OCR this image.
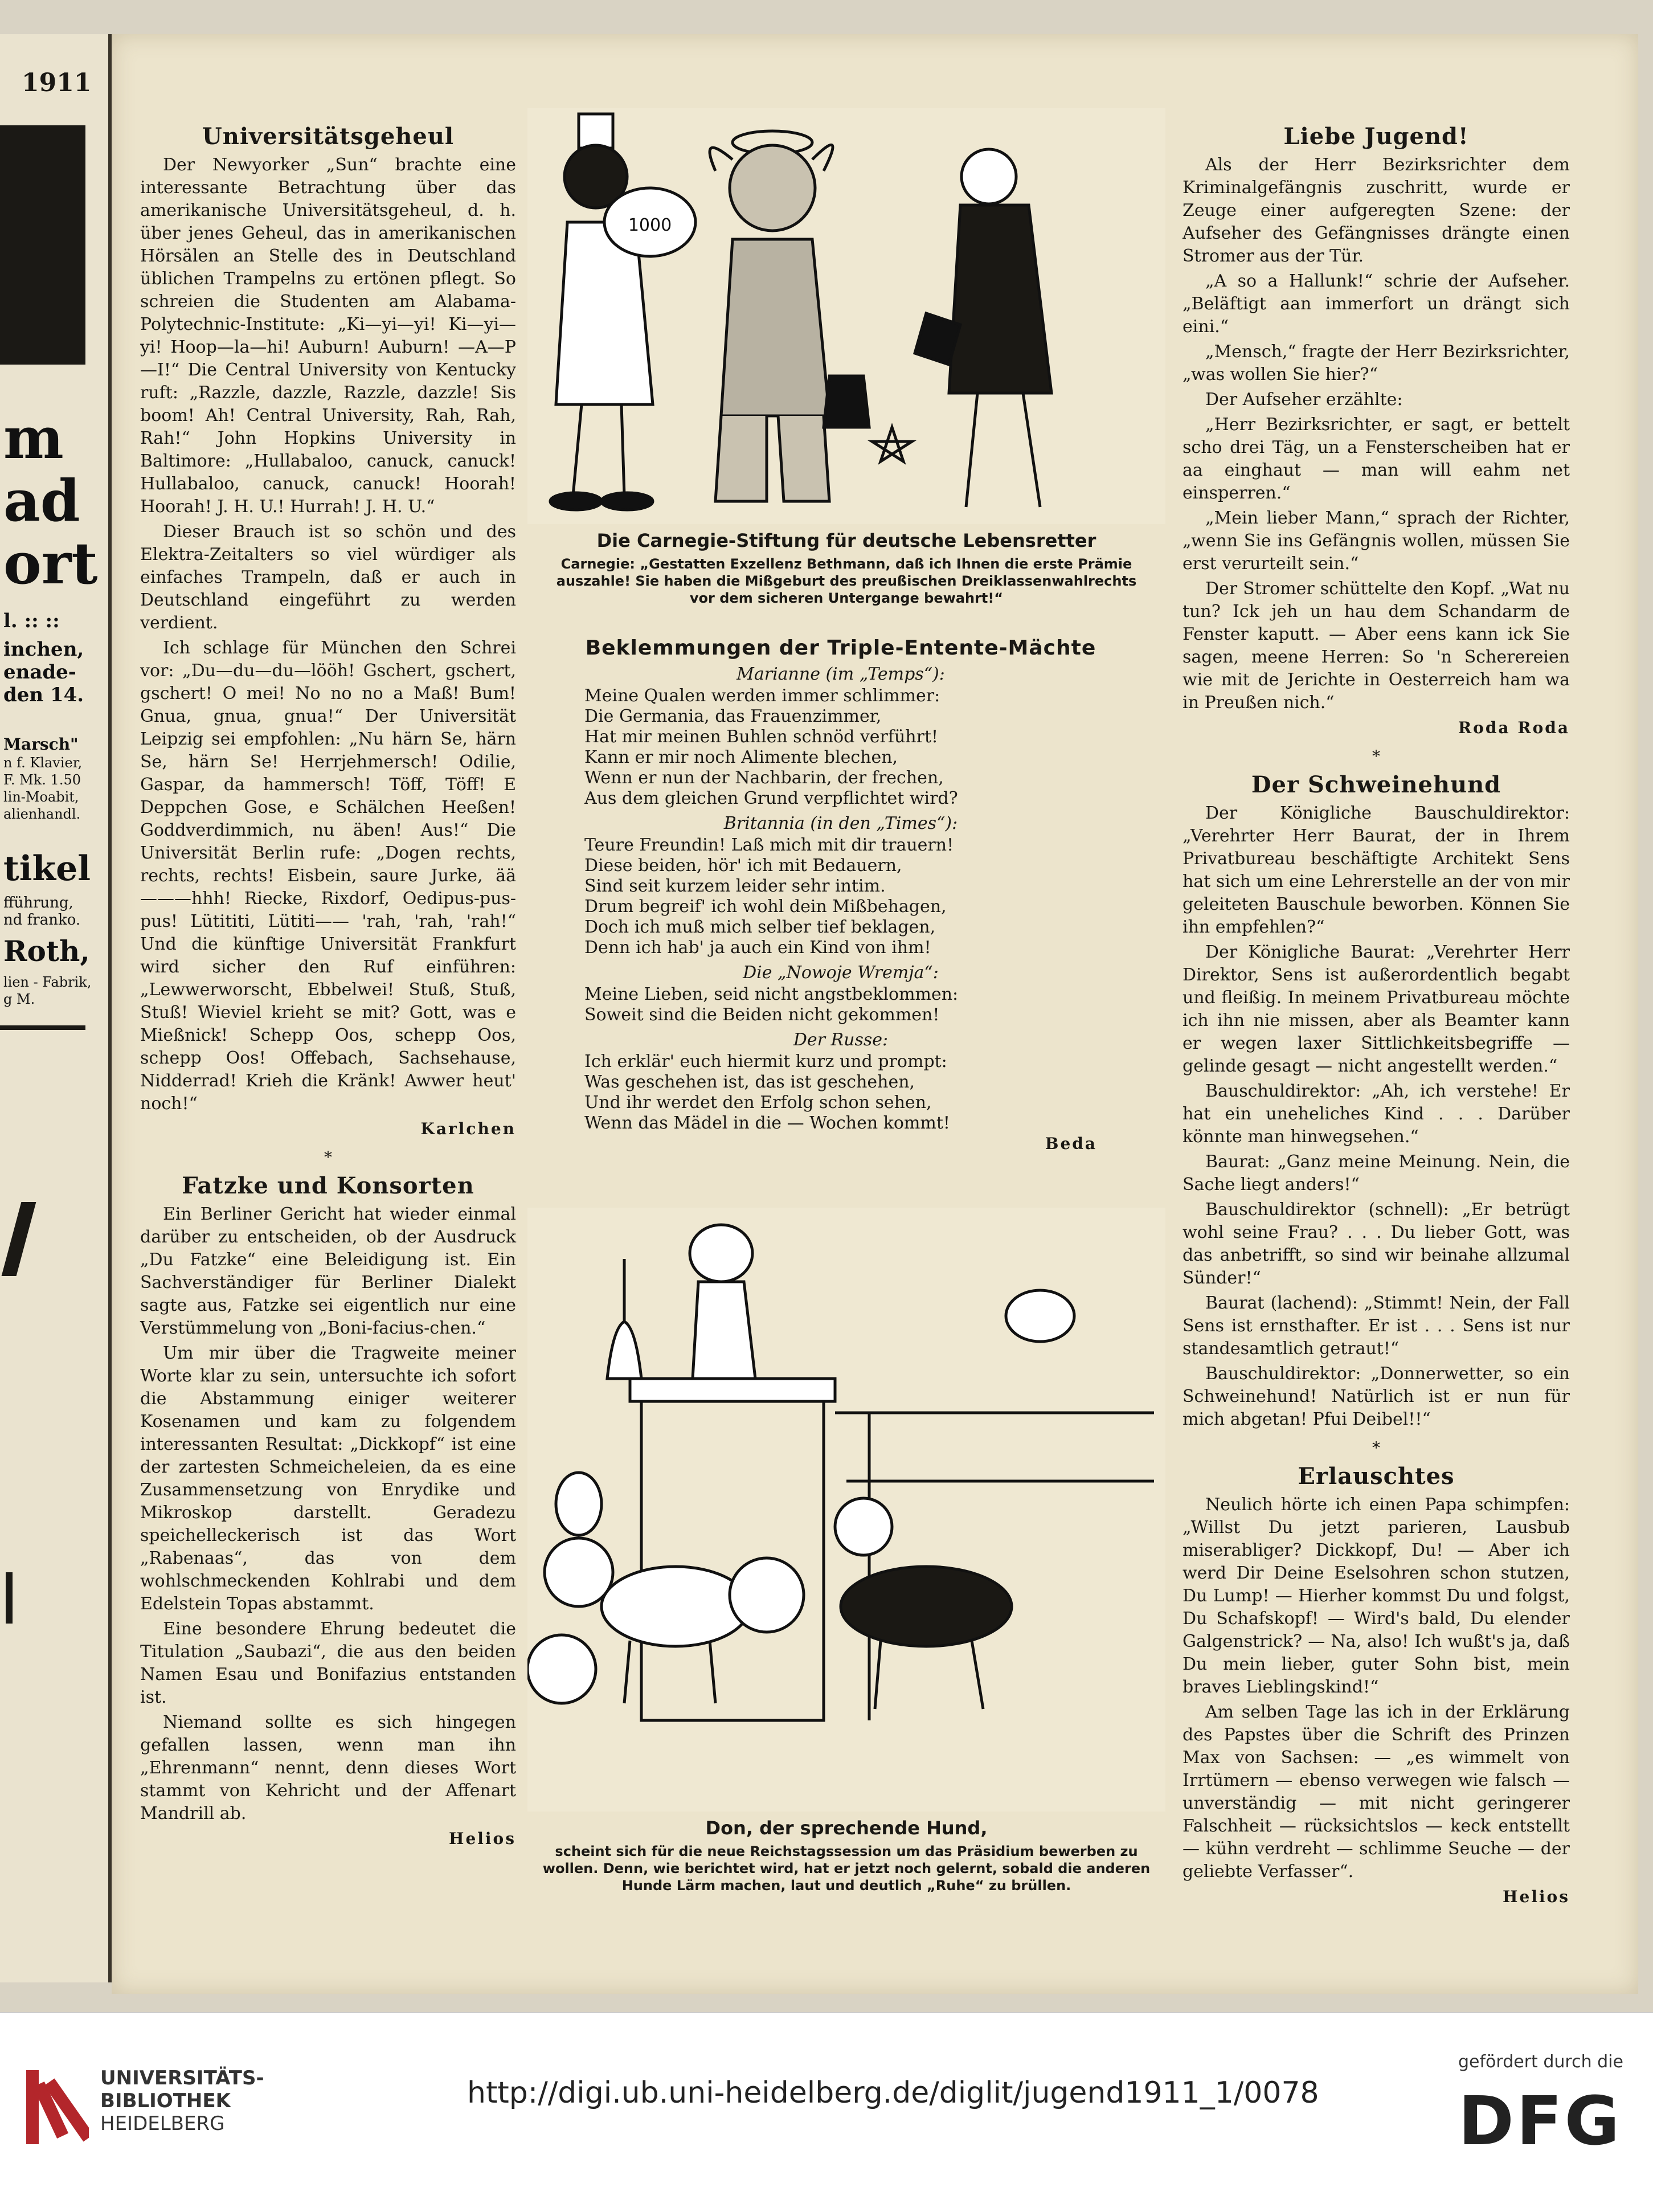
1911
m
ad
ort
l. :: ::
inchen,
enade-
den 14.
Marsch"
n f. Klavier,
F. Mk. 1.50
lin-Moabit,
alienhandl.
tikel
fführung,
nd franko.
Roth,
lien - Fabrik,
g M.
Universitätsgeheul

Der Newyorker „Sun“ brachte eine interessante Betrachtung über das amerikanische Universitätsgeheul, d. h. über jenes Geheul, das in amerikanischen Hörsälen an Stelle des in Deutschland üblichen Trampelns zu ertönen pflegt. So schreien die Studenten am Alabama-Polytechnic-Institute: „Ki—yi—yi! Ki—yi—yi! Hoop—la—hi! Auburn! Auburn! —A—P—I!“ Die Central University von Kentucky ruft: „Razzle, dazzle, Razzle, dazzle! Sis boom! Ah! Central University, Rah, Rah, Rah!“ John Hopkins University in Baltimore: „Hullabaloo, canuck, canuck! Hullabaloo, canuck, canuck! Hoorah! Hoorah! J. H. U.! Hurrah! J. H. U.“

Dieser Brauch ist so schön und des Elektra-Zeitalters so viel würdiger als einfaches Trampeln, daß er auch in Deutschland eingeführt zu werden verdient.

Ich schlage für München den Schrei vor: „Du—du—du—lööh! Gschert, gschert, gschert! O mei! No no no a Maß! Bum! Gnua, gnua, gnua!“ Der Universität Leipzig sei empfohlen: „Nu härn Se, härn Se, härn Se! Herrjehmersch! Odilie, Gaspar, da hammersch! Töff, Töff! E Deppchen Gose, e Schälchen Heeßen! Goddverdimmich, nu äben! Aus!“ Die Universität Berlin rufe: „Dogen rechts, rechts, rechts! Eisbein, saure Jurke, ää———hhh! Riecke, Rixdorf, Oedipus-pus-pus! Lütititi, Lütiti—— 'rah, 'rah, 'rah!“ Und die künftige Universität Frankfurt wird sicher den Ruf einführen: „Lewwerworscht, Ebbelwei! Stuß, Stuß, Stuß! Wieviel krieht se mit? Gott, was e Mießnick! Schepp Oos, schepp Oos, schepp Oos! Offebach, Sachsehause, Nidderrad! Krieh die Kränk! Awwer heut' noch!“

Karlchen
*
Fatzke und Konsorten

Ein Berliner Gericht hat wieder einmal darüber zu entscheiden, ob der Ausdruck „Du Fatzke“ eine Beleidigung ist. Ein Sachverständiger für Berliner Dialekt sagte aus, Fatzke sei eigentlich nur eine Verstümmelung von „Boni-facius-chen.“

Um mir über die Tragweite meiner Worte klar zu sein, untersuchte ich sofort die Abstammung einiger weiterer Kosenamen und kam zu folgendem interessanten Resultat: „Dickkopf“ ist eine der zartesten Schmeicheleien, da es eine Zusammensetzung von Enrydike und Mikroskop darstellt. Geradezu speichelleckerisch ist das Wort „Rabenaas“, das von dem wohlschmeckenden Kohlrabi und dem Edelstein Topas abstammt.

Eine besondere Ehrung bedeutet die Titulation „Saubazi“, die aus den beiden Namen Esau und Bonifazius entstanden ist.

Niemand sollte es sich hingegen gefallen lassen, wenn man ihn „Ehrenmann“ nennt, denn dieses Wort stammt von Kehricht und der Affenart Mandrill ab.

Helios
1000
Die Carnegie-Stiftung für deutsche Lebensretter
Carnegie: „Gestatten Exzellenz Bethmann, daß ich Ihnen die erste Prämie auszahle! Sie haben die Mißgeburt des preußischen Dreiklassenwahlrechts vor dem sicheren Untergange bewahrt!“
Beklemmungen der Triple-Entente-Mächte
Marianne (im „Temps“):
Meine Qualen werden immer schlimmer:
Die Germania, das Frauenzimmer,
Hat mir meinen Buhlen schnöd verführt!
Kann er mir noch Alimente blechen,
Wenn er nun der Nachbarin, der frechen,
Aus dem gleichen Grund verpflichtet wird?
Britannia (in den „Times“):
Teure Freundin! Laß mich mit dir trauern!
Diese beiden, hör' ich mit Bedauern,
Sind seit kurzem leider sehr intim.
Drum begreif' ich wohl dein Mißbehagen,
Doch ich muß mich selber tief beklagen,
Denn ich hab' ja auch ein Kind von ihm!
Die „Nowoje Wremja“:
Meine Lieben, seid nicht angstbeklommen:
Soweit sind die Beiden nicht gekommen!
Der Russe:
Ich erklär' euch hiermit kurz und prompt:
Was geschehen ist, das ist geschehen,
Und ihr werdet den Erfolg schon sehen,
Wenn das Mädel in die — Wochen kommt!
Beda
Don, der sprechende Hund,
scheint sich für die neue Reichstagssession um das Präsidium bewerben zu wollen. Denn, wie berichtet wird, hat er jetzt noch gelernt, sobald die anderen Hunde Lärm machen, laut und deutlich „Ruhe“ zu brüllen.
Liebe Jugend!

Als der Herr Bezirksrichter dem Kriminalgefängnis zuschritt, wurde er Zeuge einer aufgeregten Szene: der Aufseher des Gefängnisses drängte einen Stromer aus der Tür.

„A so a Hallunk!“ schrie der Aufseher. „Beläftigt aan immerfort un drängt sich eini.“

„Mensch,“ fragte der Herr Bezirksrichter, „was wollen Sie hier?“

Der Aufseher erzählte:

„Herr Bezirksrichter, er sagt, er bettelt scho drei Täg, un a Fensterscheiben hat er aa einghaut — man will eahm net einsperren.“

„Mein lieber Mann,“ sprach der Richter, „wenn Sie ins Gefängnis wollen, müssen Sie erst verurteilt sein.“

Der Stromer schüttelte den Kopf. „Wat nu tun? Ick jeh un hau dem Schandarm de Fenster kaputt. — Aber eens kann ick Sie sagen, meene Herren: So 'n Scherereien wie mit de Jerichte in Oesterreich ham wa in Preußen nich.“

Roda Roda
*
Der Schweinehund

Der Königliche Bauschuldirektor: „Verehrter Herr Baurat, der in Ihrem Privatbureau beschäftigte Architekt Sens hat sich um eine Lehrerstelle an der von mir geleiteten Bauschule beworben. Können Sie ihn empfehlen?“

Der Königliche Baurat: „Verehrter Herr Direktor, Sens ist außerordentlich begabt und fleißig. In meinem Privatbureau möchte ich ihn nie missen, aber als Beamter kann er wegen laxer Sittlichkeitsbegriffe — gelinde gesagt — nicht angestellt werden.“

Bauschuldirektor: „Ah, ich verstehe! Er hat ein uneheliches Kind . . . Darüber könnte man hinwegsehen.“

Baurat: „Ganz meine Meinung. Nein, die Sache liegt anders!“

Bauschuldirektor (schnell): „Er betrügt wohl seine Frau? . . . Du lieber Gott, was das anbetrifft, so sind wir beinahe allzumal Sünder!“

Baurat (lachend): „Stimmt! Nein, der Fall Sens ist ernsthafter. Er ist . . . Sens ist nur standesamtlich getraut!“

Bauschuldirektor: „Donnerwetter, so ein Schweinehund! Natürlich ist er nun für mich abgetan! Pfui Deibel!!“

*
Erlauschtes

Neulich hörte ich einen Papa schimpfen: „Willst Du jetzt parieren, Lausbub miserabliger? Dickkopf, Du! — Aber ich werd Dir Deine Eselsohren schon stutzen, Du Lump! — Hierher kommst Du und folgst, Du Schafskopf! — Wird's bald, Du elender Galgenstrick? — Na, also! Ich wußt's ja, daß Du mein lieber, guter Sohn bist, mein braves Lieblingskind!“

Am selben Tage las ich in der Erklärung des Papstes über die Schrift des Prinzen Max von Sachsen: — „es wimmelt von Irrtümern — ebenso verwegen wie falsch — unverständig — mit nicht geringerer Falschheit — rücksichtslos — keck entstellt — kühn verdreht — schlimme Seuche — der geliebte Verfasser“.

Helios
UNIVERSITÄTS-
BIBLIOTHEK
HEIDELBERG
http://digi.ub.uni-heidelberg.de/diglit/jugend1911_1/0078
gefördert durch die
DFG
